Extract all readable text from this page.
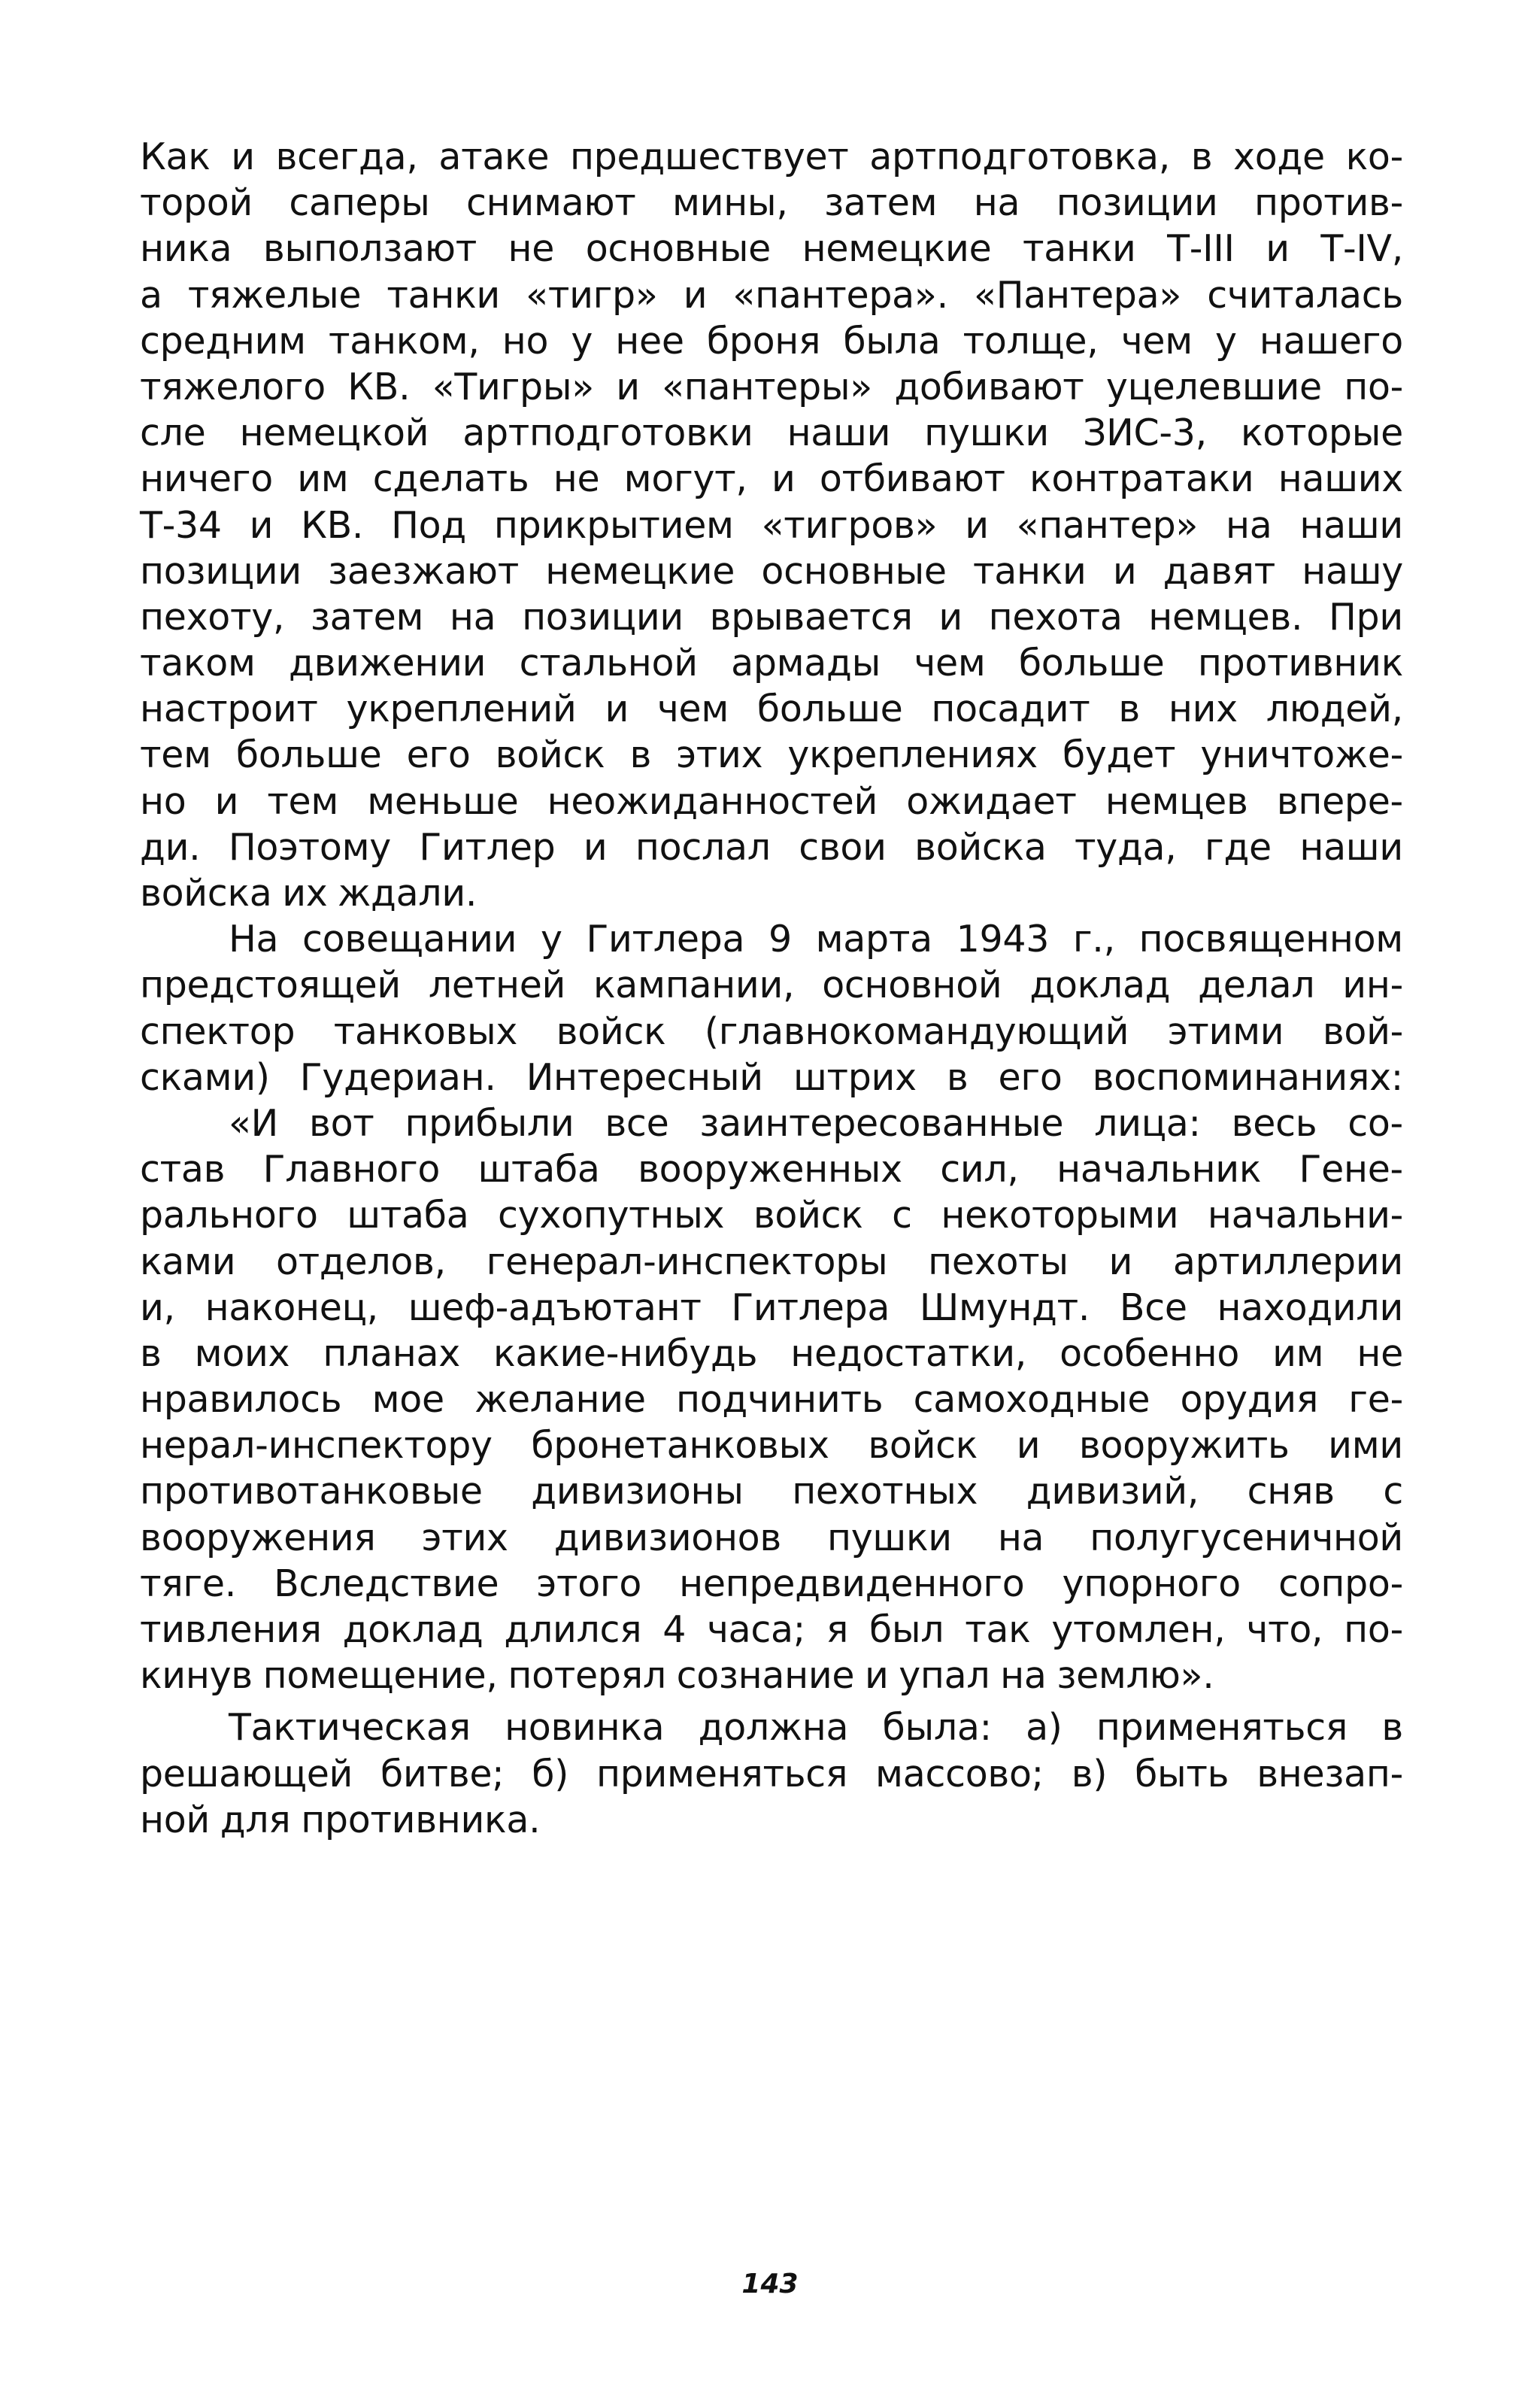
Как и всегда, атаке предшествует артподготовка, в ходе ко-
торой саперы снимают мины, затем на позиции против-
ника выползают не основные немецкие танки Т-III и Т-IV,
а тяжелые танки «тигр» и «пантера». «Пантера» считалась
средним танком, но у нее броня была толще, чем у нашего
тяжелого КВ. «Тигры» и «пантеры» добивают уцелевшие по-
сле немецкой артподготовки наши пушки ЗИС-3, которые
ничего им сделать не могут, и отбивают контратаки наших
Т-34 и КВ. Под прикрытием «тигров» и «пантер» на наши
позиции заезжают немецкие основные танки и давят нашу
пехоту, затем на позиции врывается и пехота немцев. При
таком движении стальной армады чем больше противник
настроит укреплений и чем больше посадит в них людей,
тем больше его войск в этих укреплениях будет уничтоже-
но и тем меньше неожиданностей ожидает немцев впере-
ди. Поэтому Гитлер и послал свои войска туда, где наши
войска их ждали.
На совещании у Гитлера 9 марта 1943 г., посвященном
предстоящей летней кампании, основной доклад делал ин-
спектор танковых войск (главнокомандующий этими вой-
сками) Гудериан. Интересный штрих в его воспоминаниях:
«И вот прибыли все заинтересованные лица: весь со-
став Главного штаба вооруженных сил, начальник Гене-
рального штаба сухопутных войск с некоторыми начальни-
ками отделов, генерал-инспекторы пехоты и артиллерии
и, наконец, шеф-адъютант Гитлера Шмундт. Все находили
в моих планах какие-нибудь недостатки, особенно им не
нравилось мое желание подчинить самоходные орудия ге-
нерал-инспектору бронетанковых войск и вооружить ими
противотанковые дивизионы пехотных дивизий, сняв с
вооружения этих дивизионов пушки на полугусеничной
тяге. Вследствие этого непредвиденного упорного сопро-
тивления доклад длился 4 часа; я был так утомлен, что, по-
кинув помещение, потерял сознание и упал на землю».
Тактическая новинка должна была: а) применяться в
решающей битве; б) применяться массово; в) быть внезап-
ной для противника.
143
